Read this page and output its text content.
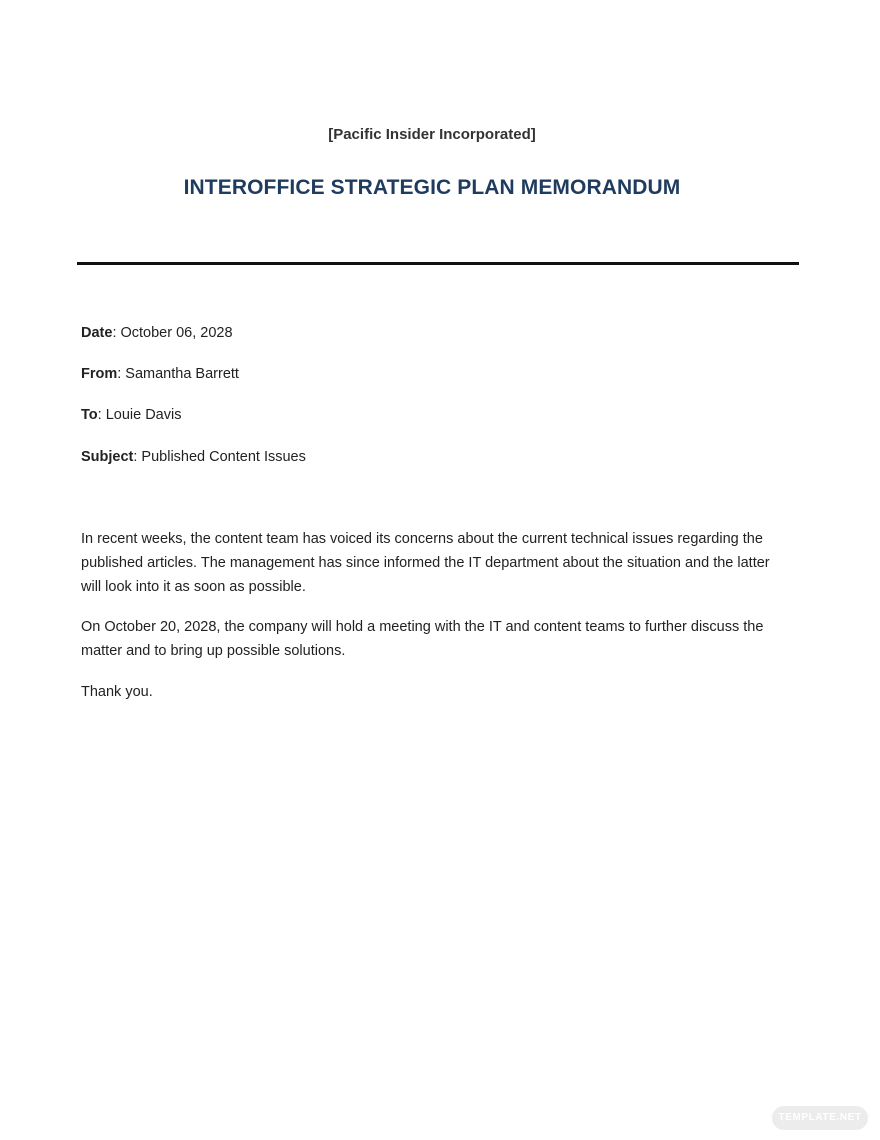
[Pacific Insider Incorporated]
INTEROFFICE STRATEGIC PLAN MEMORANDUM
Date: October 06, 2028
From: Samantha Barrett
To: Louie Davis
Subject: Published Content Issues
In recent weeks, the content team has voiced its concerns about the current technical issues regarding the published articles. The management has since informed the IT department about the situation and the latter will look into it as soon as possible.
On October 20, 2028, the company will hold a meeting with the IT and content teams to further discuss the matter and to bring up possible solutions.
Thank you.
TEMPLATE.NET
